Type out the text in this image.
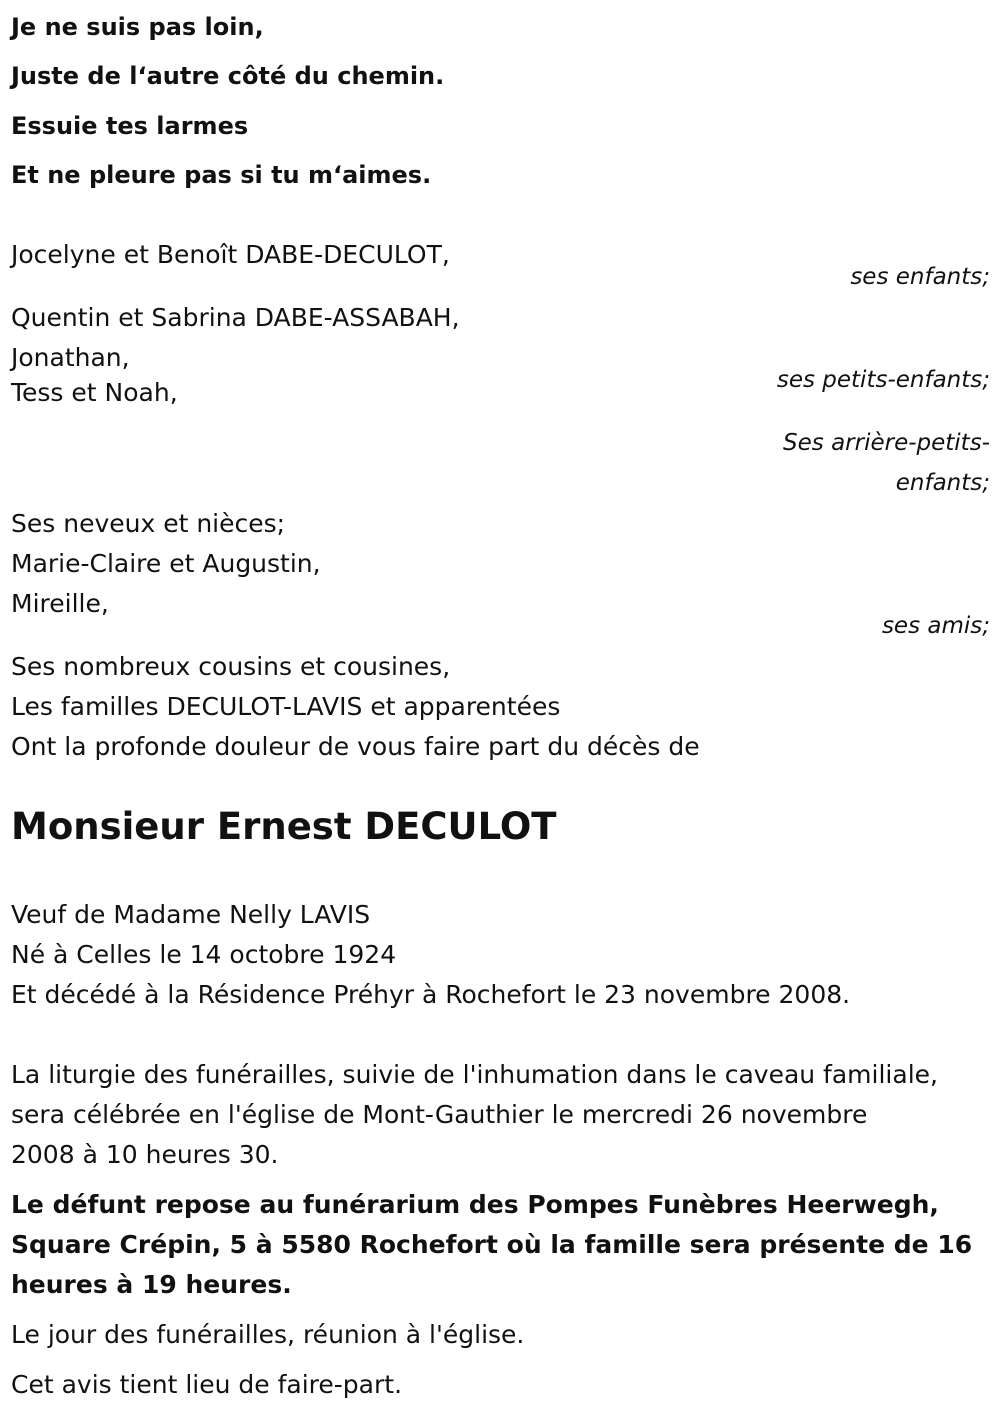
Je ne suis pas loin,
Juste de l‘autre côté du chemin.
Essuie tes larmes
Et ne pleure pas si tu m‘aimes.
Jocelyne et Benoît DABE-DECULOT,
ses enfants;
Quentin et Sabrina DABE-ASSABAH,
Jonathan,
ses petits-enfants;
Tess et Noah,
Ses arrière-petits-
enfants;
Ses neveux et nièces;
Marie-Claire et Augustin,
Mireille,
ses amis;
Ses nombreux cousins et cousines,
Les familles DECULOT-LAVIS et apparentées
Ont la profonde douleur de vous faire part du décès de
Monsieur Ernest DECULOT
Veuf de Madame Nelly LAVIS
Né à Celles le 14 octobre 1924
Et décédé à la Résidence Préhyr à Rochefort le 23 novembre 2008.
La liturgie des funérailles, suivie de l'inhumation dans le caveau familiale,
sera célébrée en l'église de Mont-Gauthier le mercredi 26 novembre
2008 à 10 heures 30.
Le défunt repose au funérarium des Pompes Funèbres Heerwegh,
Square Crépin, 5 à 5580 Rochefort où la famille sera présente de 16
heures à 19 heures.
Le jour des funérailles, réunion à l'église.
Cet avis tient lieu de faire-part.
